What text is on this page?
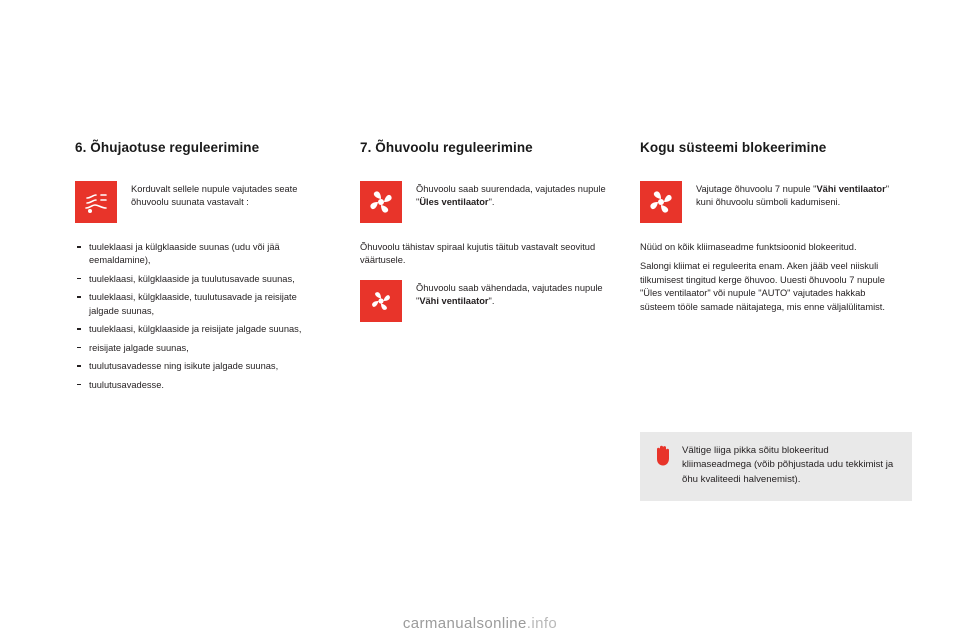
6. Õhujaotuse reguleerimine
Korduvalt sellele nupule vajutades seate õhuvoolu suunata vastavalt :
tuuleklaasi ja külgklaaside suunas (udu või jää eemaldamine),
tuuleklaasi, külgklaaside ja tuulutusavade suunas,
tuuleklaasi, külgklaaside, tuulutusavade ja reisijate jalgade suunas,
tuuleklaasi, külgklaaside ja reisijate jalgade suunas,
reisijate jalgade suunas,
tuulutusavadesse ning isikute jalgade suunas,
tuulutusavadesse.
7. Õhuvoolu reguleerimine
Õhuvoolu saab suurendada, vajutades nupule "Üles ventilaator".

Õhuvoolu tähistav spiraal kujutis täitub vastavalt seovitud väärtusele.

Õhuvoolu saab vähendada, vajutades nupule "Vähi ventilaator".
Kogu süsteemi blokeerimine
Vajutage õhuvoolu 7 nupule "Vähi ventilaator" kuni õhuvoolu sümboli kadumiseni.

Nüüd on kõik kliimaseadme funktsioonid blokeeritud.

Salongi kliimat ei reguleerita enam. Aken jääb veel niiskuli tilkumisest tingitud kerge õhuvoo. Uuesti õhuvoolu 7 nupule "Üles ventilaator" või nupule "AUTO" vajutades hakkab süsteem tööle samade näitajatega, mis enne väljalülitamist.

Vältige liiga pikka sõitu blokeeritud kliimaseadmega (võib põhjustada udu tekkimist ja õhu kvaliteedi halvenemist).
carmanualsonline.info
